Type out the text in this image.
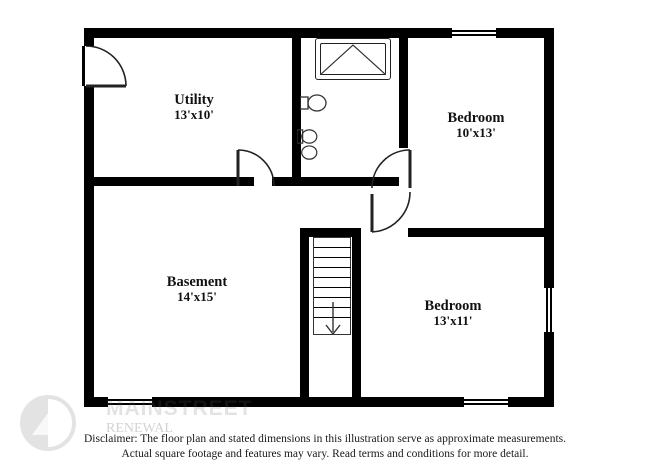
Utility
13'x10'	Bedroom
10'x13'
Basement
14'x15'
Bedroom
13'x11'
MAINSTREET
RENEWAL
Disclaimer: The floor plan and stated dimensions in this illustration serve as approximate measurements.
Actual square footage and features may vary. Read terms and conditions for more detail.
